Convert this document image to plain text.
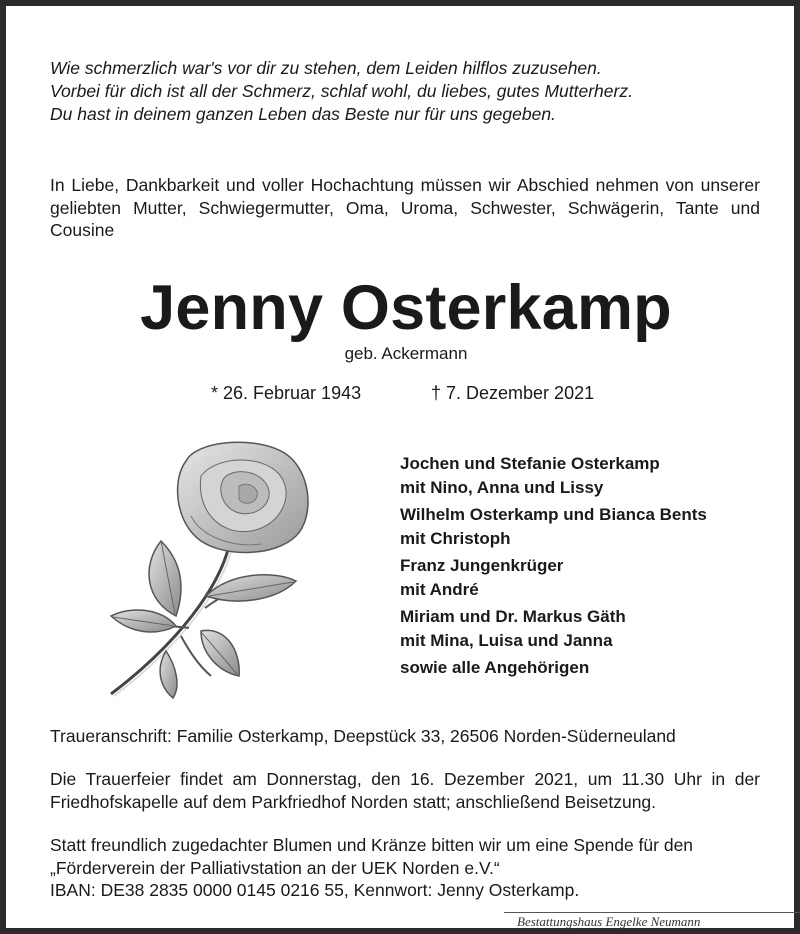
Wie schmerzlich war's vor dir zu stehen, dem Leiden hilflos zuzusehen.
Vorbei für dich ist all der Schmerz, schlaf wohl, du liebes, gutes Mutterherz.
Du hast in deinem ganzen Leben das Beste nur für uns gegeben.
In Liebe, Dankbarkeit und voller Hochachtung müssen wir Abschied nehmen von unserer geliebten Mutter, Schwiegermutter, Oma, Uroma, Schwester, Schwägerin, Tante und Cousine
Jenny Osterkamp
geb. Ackermann
* 26. Februar 1943	† 7. Dezember 2021
Jochen und Stefanie Osterkamp
mit Nino, Anna und Lissy
Wilhelm Osterkamp und Bianca Bents
mit Christoph
Franz Jungenkrüger
mit André
Miriam und Dr. Markus Gäth
mit Mina, Luisa und Janna
sowie alle Angehörigen
Traueranschrift: Familie Osterkamp, Deepstück 33, 26506 Norden-Süderneuland
Die Trauerfeier findet am Donnerstag, den 16. Dezember 2021, um 11.30 Uhr in der Friedhofskapelle auf dem Parkfriedhof Norden statt; anschließend Beisetzung.
Statt freundlich zugedachter Blumen und Kränze bitten wir um eine Spende für den
„Förderverein der Palliativstation an der UEK Norden e.V.“
IBAN: DE38 2835 0000 0145 0216 55, Kennwort: Jenny Osterkamp.
Bestattungshaus Engelke Neumann
